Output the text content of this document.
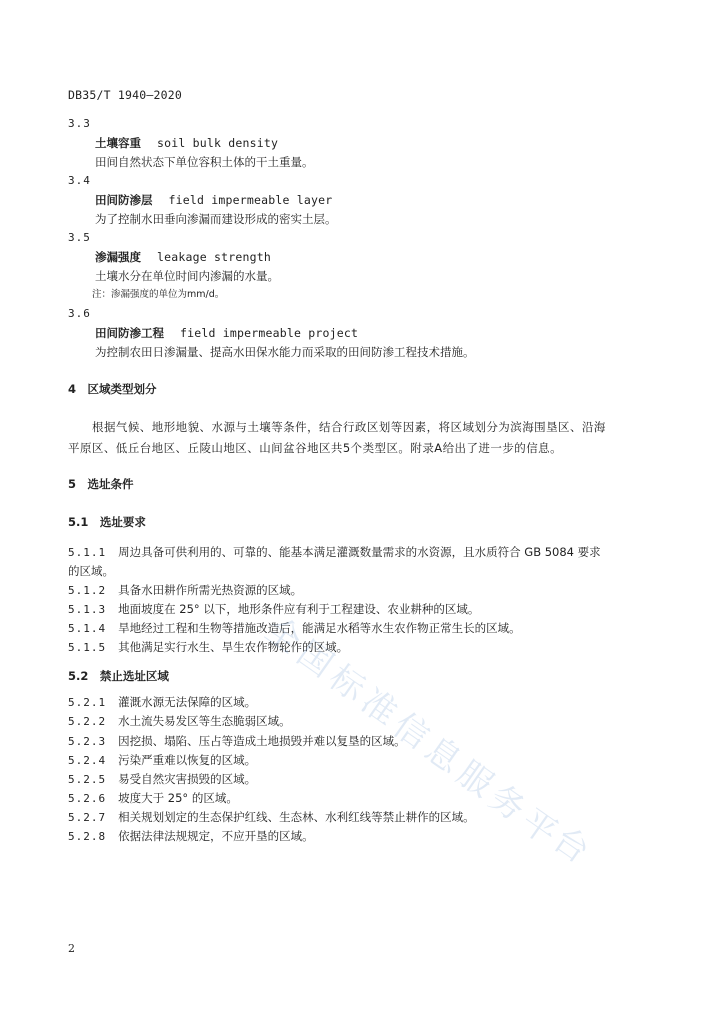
DB35/T 1940—2020
3.3
土壤容重 soil bulk density
田间自然状态下单位容积土体的干土重量。
3.4
田间防渗层 field impermeable layer
为了控制水田垂向渗漏而建设形成的密实土层。
3.5
渗漏强度 leakage strength
土壤水分在单位时间内渗漏的水量。
注：渗漏强度的单位为mm/d。
3.6
田间防渗工程 field impermeable project
为控制农田日渗漏量、提高水田保水能力而采取的田间防渗工程技术措施。
4　区域类型划分
根据气候、地形地貌、水源与土壤等条件，结合行政区划等因素，将区域划分为滨海围垦区、沿海
平原区、低丘台地区、丘陵山地区、山间盆谷地区共5个类型区。附录A给出了进一步的信息。
5　选址条件
5.1　选址要求
5.1.1 周边具备可供利用的、可靠的、能基本满足灌溉数量需求的水资源，且水质符合 GB 5084 要求
的区域。
5.1.2 具备水田耕作所需光热资源的区域。
5.1.3 地面坡度在 25° 以下，地形条件应有利于工程建设、农业耕种的区域。
5.1.4 旱地经过工程和生物等措施改造后，能满足水稻等水生农作物正常生长的区域。
5.1.5 其他满足实行水生、旱生农作物轮作的区域。
5.2　禁止选址区域
5.2.1 灌溉水源无法保障的区域。
5.2.2 水土流失易发区等生态脆弱区域。
5.2.3 因挖损、塌陷、压占等造成土地损毁并难以复垦的区域。
5.2.4 污染严重难以恢复的区域。
5.2.5 易受自然灾害损毁的区域。
5.2.6 坡度大于 25° 的区域。
5.2.7 相关规划划定的生态保护红线、生态林、水利红线等禁止耕作的区域。
5.2.8 依据法律法规规定，不应开垦的区域。
全
国
标
准
信
息
服
务
平
台
2
